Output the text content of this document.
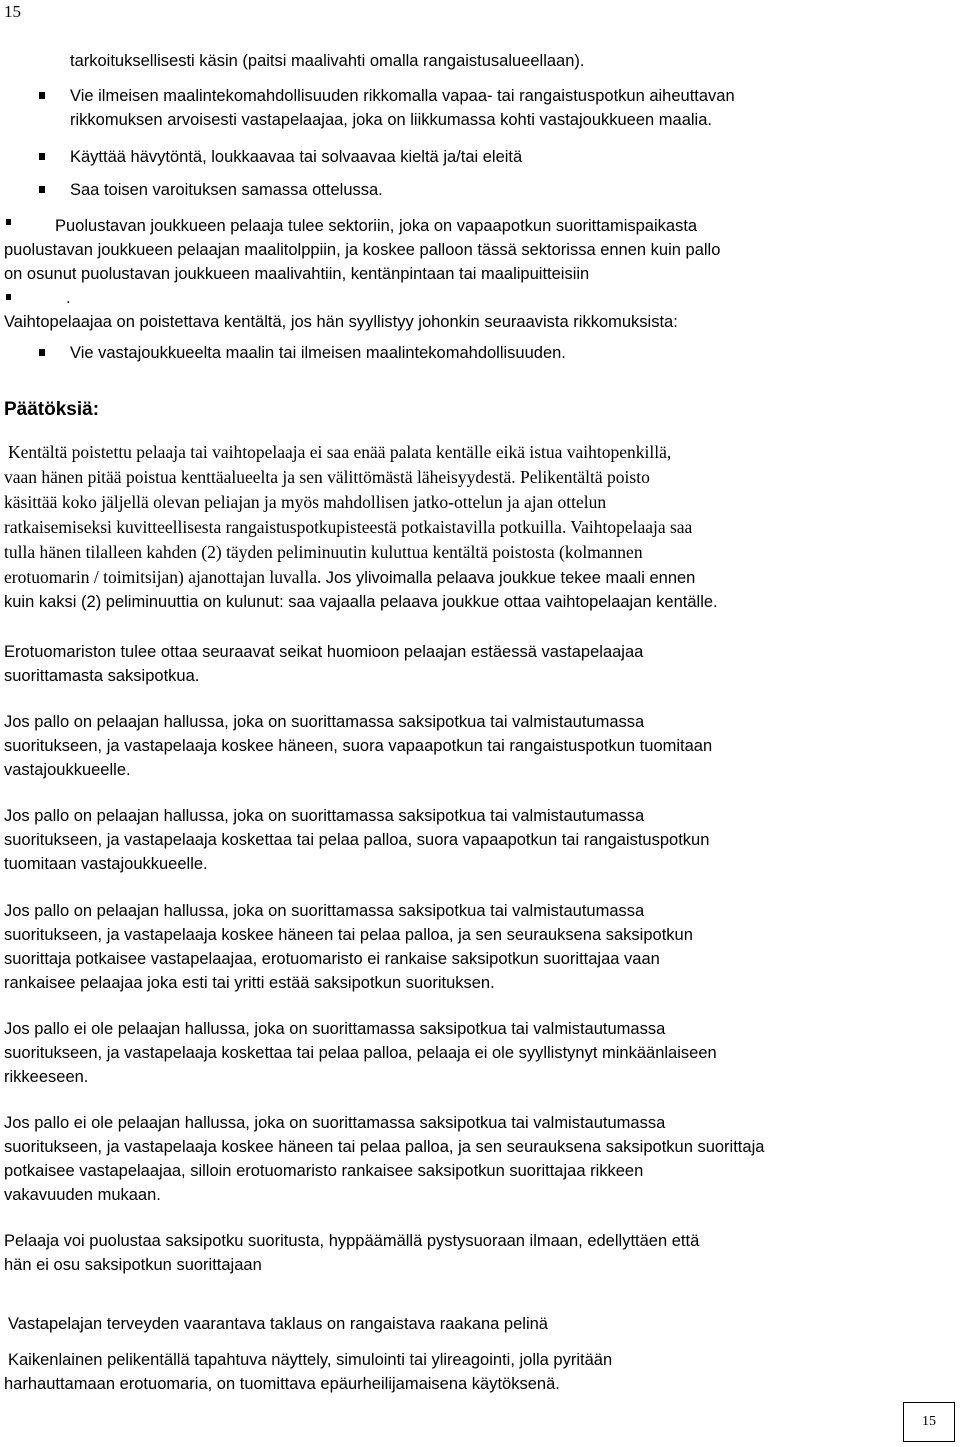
15
tarkoituksellisesti käsin (paitsi maalivahti omalla rangaistusalueellaan).
Vie ilmeisen maalintekomahdollisuuden rikkomalla vapaa- tai rangaistuspotkun aiheuttavan
rikkomuksen arvoisesti vastapelaajaa, joka on liikkumassa kohti vastajoukkueen maalia.
Käyttää hävytöntä, loukkaavaa tai solvaavaa kieltä ja/tai eleitä
Saa toisen varoituksen samassa ottelussa.
Puolustavan joukkueen pelaaja tulee sektoriin, joka on vapaapotkun suorittamispaikasta
puolustavan joukkueen pelaajan maalitolppiin, ja koskee palloon tässä sektorissa ennen kuin pallo
on osunut puolustavan joukkueen maalivahtiin, kentänpintaan tai maalipuitteisiin
.
Vaihtopelaajaa on poistettava kentältä, jos hän syyllistyy johonkin seuraavista rikkomuksista:
Vie vastajoukkueelta maalin tai ilmeisen maalintekomahdollisuuden.
Päätöksiä:
Kentältä poistettu pelaaja tai vaihtopelaaja ei saa enää palata kentälle eikä istua vaihtopenkillä,
vaan hänen pitää poistua kenttäalueelta ja sen välittömästä läheisyydestä. Pelikentältä poisto
käsittää koko jäljellä olevan peliajan ja myös mahdollisen jatko-ottelun ja ajan ottelun
ratkaisemiseksi kuvitteellisesta rangaistuspotkupisteestä potkaistavilla potkuilla. Vaihtopelaaja saa
tulla hänen tilalleen kahden (2) täyden peliminuutin kuluttua kentältä poistosta (kolmannen
erotuomarin / toimitsijan) ajanottajan luvalla. Jos ylivoimalla pelaava joukkue tekee maali ennen
kuin kaksi (2) peliminuuttia on kulunut: saa vajaalla pelaava joukkue ottaa vaihtopelaajan kentälle.
Erotuomariston tulee ottaa seuraavat seikat huomioon pelaajan estäessä vastapelaajaa
suorittamasta saksipotkua.
Jos pallo on pelaajan hallussa, joka on suorittamassa saksipotkua tai valmistautumassa
suoritukseen, ja vastapelaaja koskee häneen, suora vapaapotkun tai rangaistuspotkun tuomitaan
vastajoukkueelle.
Jos pallo on pelaajan hallussa, joka on suorittamassa saksipotkua tai valmistautumassa
suoritukseen, ja vastapelaaja koskettaa tai pelaa palloa, suora vapaapotkun tai rangaistuspotkun
tuomitaan vastajoukkueelle.
Jos pallo on pelaajan hallussa, joka on suorittamassa saksipotkua tai valmistautumassa
suoritukseen, ja vastapelaaja koskee häneen tai pelaa palloa, ja sen seurauksena saksipotkun
suorittaja potkaisee vastapelaajaa, erotuomaristo ei rankaise saksipotkun suorittajaa vaan
rankaisee pelaajaa joka esti tai yritti estää saksipotkun suorituksen.
Jos pallo ei ole pelaajan hallussa, joka on suorittamassa saksipotkua tai valmistautumassa
suoritukseen, ja vastapelaaja koskettaa tai pelaa palloa, pelaaja ei ole syyllistynyt minkäänlaiseen
rikkeeseen.
Jos pallo ei ole pelaajan hallussa, joka on suorittamassa saksipotkua tai valmistautumassa
suoritukseen, ja vastapelaaja koskee häneen tai pelaa palloa, ja sen seurauksena saksipotkun suorittaja
potkaisee vastapelaajaa, silloin erotuomaristo rankaisee saksipotkun suorittajaa rikkeen
vakavuuden mukaan.
Pelaaja voi puolustaa saksipotku suoritusta, hyppäämällä pystysuoraan ilmaan, edellyttäen että
hän ei osu saksipotkun suorittajaan
Vastapelajan terveyden vaarantava taklaus on rangaistava raakana pelinä
Kaikenlainen pelikentällä tapahtuva näyttely, simulointi tai ylireagointi, jolla pyritään
harhauttamaan erotuomaria, on tuomittava epäurheilijamaisena käytöksenä.
15
